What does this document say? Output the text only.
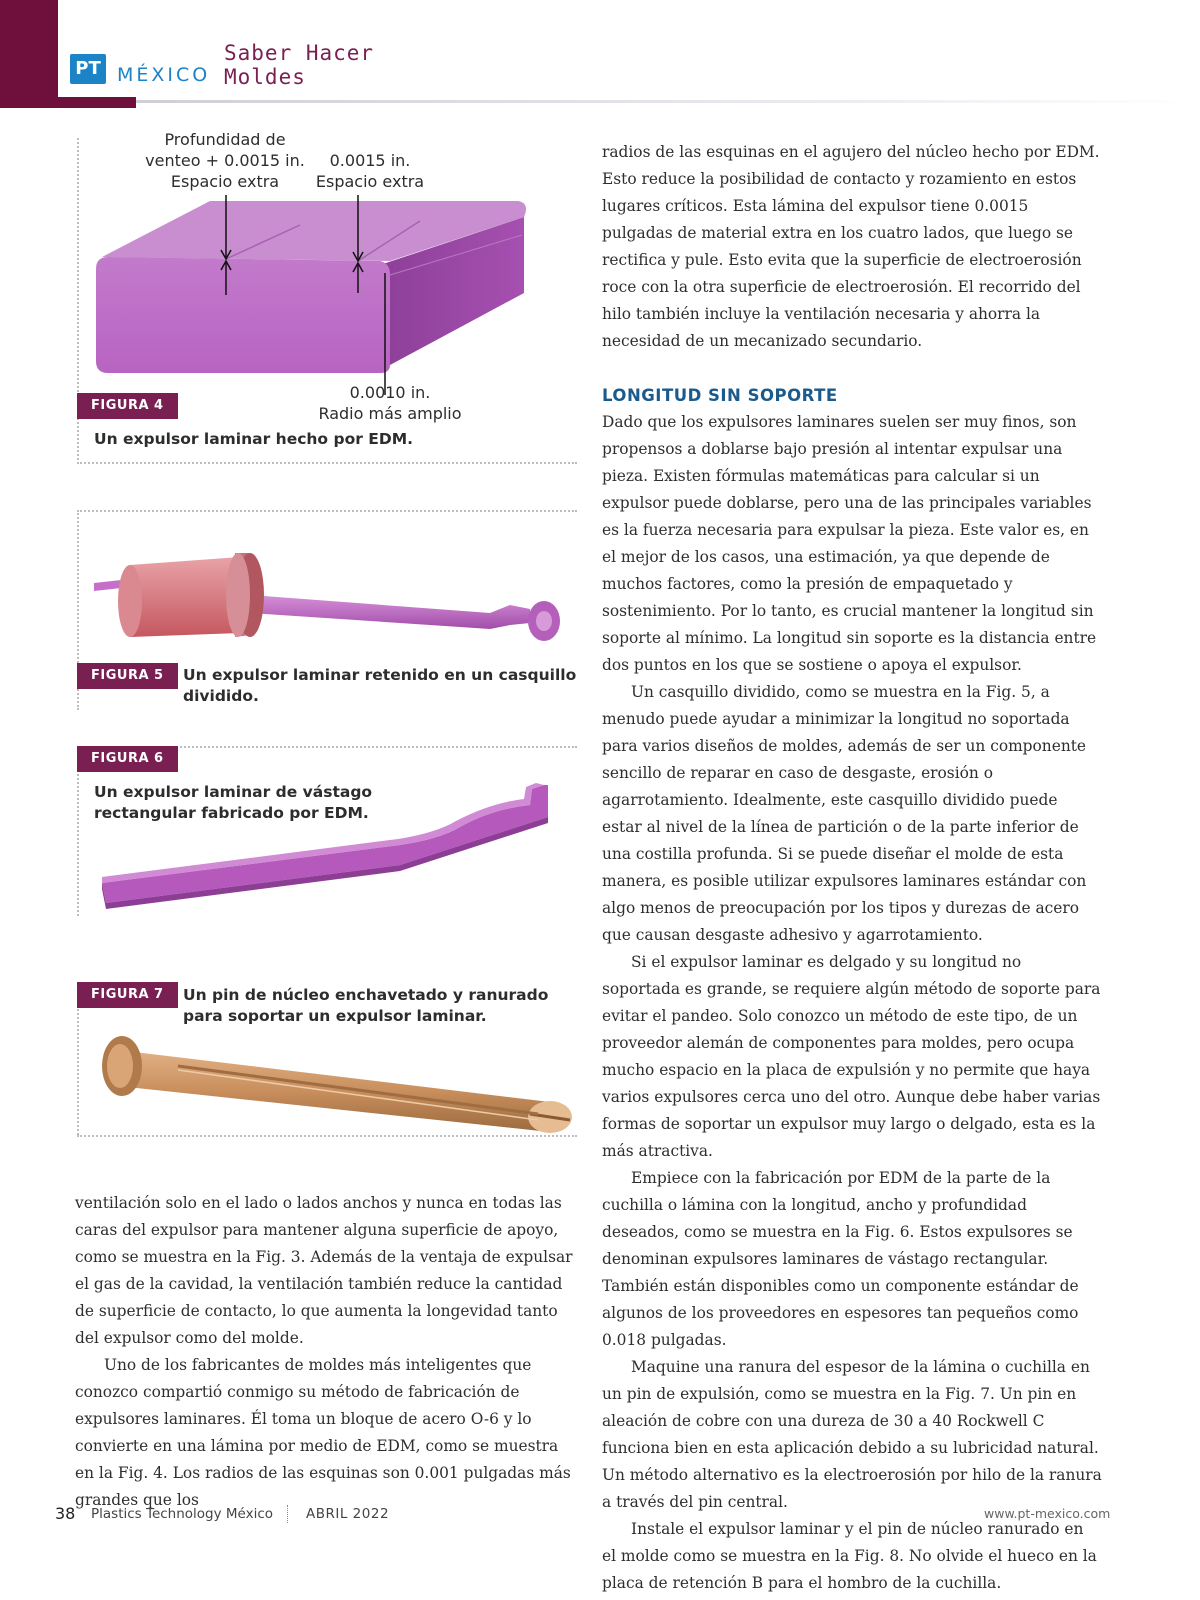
PT MÉXICO
Saber Hacer
Moldes
Profundidad de
venteo + 0.0015 in.
Espacio extra
0.0015 in.
Espacio extra
0.0010 in.
Radio más amplio
FIGURA 4
Un expulsor laminar hecho por EDM.
FIGURA 5	Un expulsor laminar retenido en un casquillo
dividido.
FIGURA 6
Un expulsor laminar de vástago
rectangular fabricado por EDM.
FIGURA 7	Un pin de núcleo enchavetado y ranurado
para soportar un expulsor laminar.

ventilación solo en el lado o lados anchos y nunca en todas las caras del expulsor para mantener alguna superficie de apoyo, como se muestra en la Fig. 3. Además de la ventaja de expulsar el gas de la cavidad, la ventilación también reduce la cantidad de superficie de contacto, lo que aumenta la longevidad tanto del expulsor como del molde.

Uno de los fabricantes de moldes más inteligentes que conozco compartió conmigo su método de fabricación de expulsores laminares. Él toma un bloque de acero O-6 y lo convierte en una lámina por medio de EDM, como se muestra en la Fig. 4. Los radios de las esquinas son 0.001 pulgadas más grandes que los

radios de las esquinas en el agujero del núcleo hecho por EDM. Esto reduce la posibilidad de contacto y rozamiento en estos lugares críticos. Esta lámina del expulsor tiene 0.0015 pulgadas de material extra en los cuatro lados, que luego se rectifica y pule. Esto evita que la superficie de electroerosión roce con la otra superficie de electroerosión. El recorrido del hilo también incluye la ventilación necesaria y ahorra la necesidad de un mecanizado secundario.

LONGITUD SIN SOPORTE

Dado que los expulsores laminares suelen ser muy finos, son propensos a doblarse bajo presión al intentar expulsar una pieza. Existen fórmulas matemáticas para calcular si un expulsor puede doblarse, pero una de las principales variables es la fuerza necesaria para expulsar la pieza. Este valor es, en el mejor de los casos, una estimación, ya que depende de muchos factores, como la presión de empaquetado y sostenimiento. Por lo tanto, es crucial mantener la longitud sin soporte al mínimo. La longitud sin soporte es la distancia entre dos puntos en los que se sostiene o apoya el expulsor.

Un casquillo dividido, como se muestra en la Fig. 5, a menudo puede ayudar a minimizar la longitud no soportada para varios diseños de moldes, además de ser un componente sencillo de reparar en caso de desgaste, erosión o agarrotamiento. Idealmente, este casquillo dividido puede estar al nivel de la línea de partición o de la parte inferior de una costilla profunda. Si se puede diseñar el molde de esta manera, es posible utilizar expulsores laminares estándar con algo menos de preocupación por los tipos y durezas de acero que causan desgaste adhesivo y agarrotamiento.

Si el expulsor laminar es delgado y su longitud no soportada es grande, se requiere algún método de soporte para evitar el pandeo. Solo conozco un método de este tipo, de un proveedor alemán de componentes para moldes, pero ocupa mucho espacio en la placa de expulsión y no permite que haya varios expulsores cerca uno del otro. Aunque debe haber varias formas de soportar un expulsor muy largo o delgado, esta es la más atractiva.

Empiece con la fabricación por EDM de la parte de la cuchilla o lámina con la longitud, ancho y profundidad deseados, como se muestra en la Fig. 6. Estos expulsores se denominan expulsores laminares de vástago rectangular. También están disponibles como un componente estándar de algunos de los proveedores en espesores tan pequeños como 0.018 pulgadas.

Maquine una ranura del espesor de la lámina o cuchilla en un pin de expulsión, como se muestra en la Fig. 7. Un pin en aleación de cobre con una dureza de 30 a 40 Rockwell C funciona bien en esta aplicación debido a su lubricidad natural. Un método alternativo es la electroerosión por hilo de la ranura a través del pin central.

Instale el expulsor laminar y el pin de núcleo ranurado en el molde como se muestra en la Fig. 8. No olvide el hueco en la placa de retención B para el hombro de la cuchilla.

38 Plastics Technology México ABRIL 2022	www.pt-mexico.com
